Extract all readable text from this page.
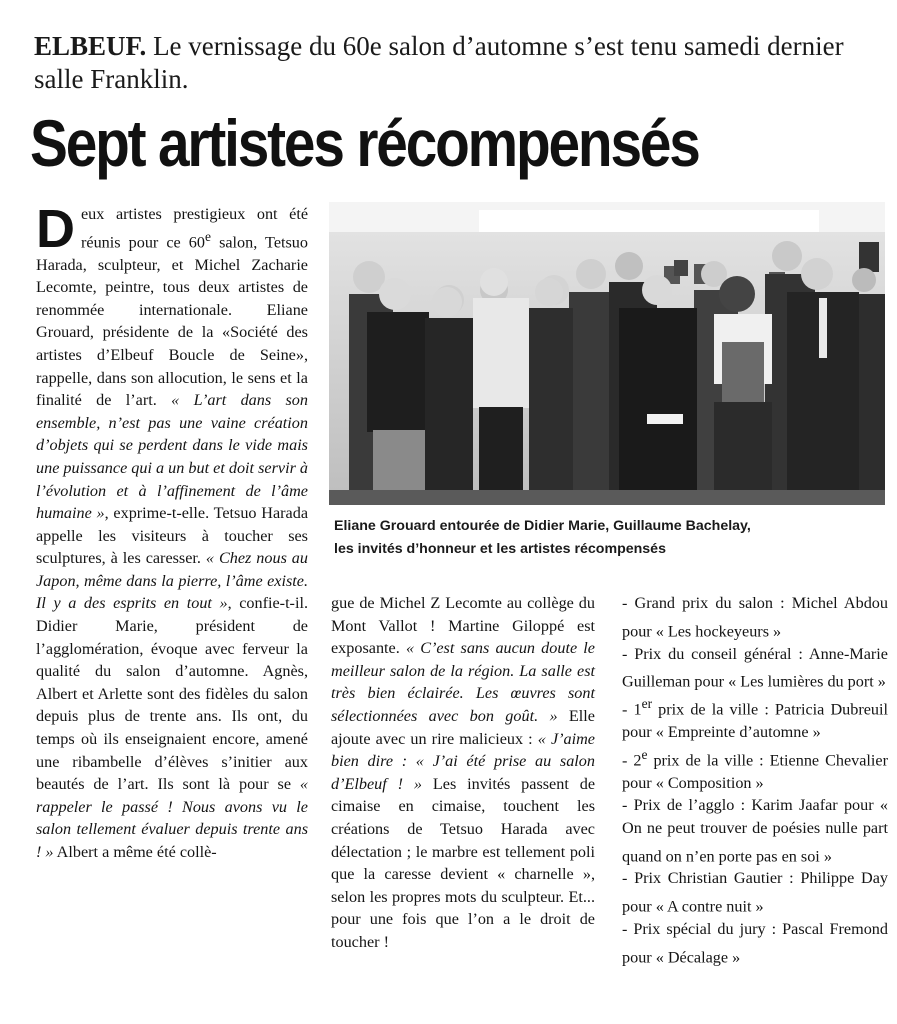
ELBEUF. Le vernissage du 60e salon d’automne s’est tenu samedi dernier salle Franklin.
Sept artistes récompensés

Deux artistes prestigieux ont été réunis pour ce 60e salon, Tetsuo Harada, sculpteur, et Michel Zacharie Lecomte, peintre, tous deux artistes de renommée internationale. Eliane Grouard, présidente de la «Société des artistes d’Elbeuf Boucle de Seine», rappelle, dans son allocution, le sens et la finalité de l’art. « L’art dans son ensemble, n’est pas une vaine création d’objets qui se perdent dans le vide mais une puissance qui a un but et doit servir à l’évolution et à l’affinement de l’âme humaine », exprime-t-elle. Tetsuo Harada appelle les visiteurs à toucher ses sculptures, à les caresser. « Chez nous au Japon, même dans la pierre, l’âme existe. Il y a des esprits en tout », confie-t-il. Didier Marie, président de l’agglomération, évoque avec ferveur la qualité du salon d’automne. Agnès, Albert et Arlette sont des fidèles du salon depuis plus de trente ans. Ils ont, du temps où ils enseignaient encore, amené une ribambelle d’élèves s’initier aux beautés de l’art. Ils sont là pour se « rappeler le passé ! Nous avons vu le salon tellement évaluer depuis trente ans ! » Albert a même été collè-

Eliane Grouard entourée de Didier Marie, Guillaume Bachelay,
les invités d’honneur et les artistes récompensés

gue de Michel Z Lecomte au collège du Mont Vallot ! Martine Giloppé est exposante. « C’est sans aucun doute le meilleur salon de la région. La salle est très bien éclairée. Les œuvres sont sélectionnées avec bon goût. » Elle ajoute avec un rire malicieux : « J’aime bien dire : « J’ai été prise au salon d’Elbeuf ! » Les invités passent de cimaise en cimaise, touchent les créations de Tetsuo Harada avec délectation ; le marbre est tellement poli que la caresse devient « charnelle », selon les propres mots du sculpteur. Et... pour une fois que l’on a le droit de toucher !

- Grand prix du salon : Michel Abdou pour « Les hockeyeurs »
- Prix du conseil général : Anne-Marie Guilleman pour « Les lumières du port »
- 1er prix de la ville : Patricia Dubreuil pour « Empreinte d’automne »
- 2e prix de la ville : Etienne Chevalier pour « Composition »
- Prix de l’agglo : Karim Jaafar pour « On ne peut trouver de poésies nulle part quand on n’en porte pas en soi »
- Prix Christian Gautier : Philippe Day pour « A contre nuit »
- Prix spécial du jury : Pascal Fremond pour « Décalage »
